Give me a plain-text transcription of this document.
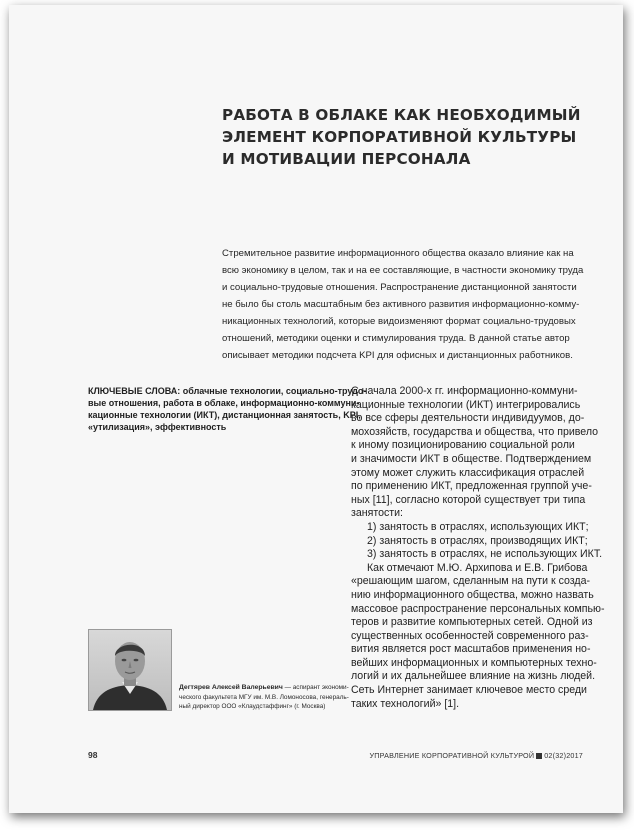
РАБОТА В ОБЛАКЕ КАК НЕОБХОДИМЫЙ
ЭЛЕМЕНТ КОРПОРАТИВНОЙ КУЛЬТУРЫ
И МОТИВАЦИИ ПЕРСОНАЛА
Стремительное развитие информационного общества оказало влияние как на
всю экономику в целом, так и на ее составляющие, в частности экономику труда
и социально-трудовые отношения. Распространение дистанционной занятости
не было бы столь масштабным без активного развития информационно-комму-
никационных технологий, которые видоизменяют формат социально-трудовых
отношений, методики оценки и стимулирования труда. В данной статье автор
описывает методики подсчета KPI для офисных и дистанционных работников.
КЛЮЧЕВЫЕ СЛОВА: облачные технологии, социально-трудо-
вые отношения, работа в облаке, информационно-коммуни-
кационные технологии (ИКТ), дистанционная занятость, KPI,
«утилизация», эффективность
С начала 2000-х гг. информационно-коммуни-
кационные технологии (ИКТ) интегрировались
во все сферы деятельности индивидуумов, до-
мохозяйств, государства и общества, что привело
к иному позиционированию социальной роли
и значимости ИКТ в обществе. Подтверждением
этому может служить классификация отраслей
по применению ИКТ, предложенная группой уче-
ных [11], согласно которой существует три типа
занятости:
1) занятость в отраслях, использующих ИКТ;
2) занятость в отраслях, производящих ИКТ;
3) занятость в отраслях, не использующих ИКТ.
Как отмечают М.Ю. Архипова и Е.В. Грибова
«решающим шагом, сделанным на пути к созда-
нию информационного общества, можно назвать
массовое распространение персональных компью-
теров и развитие компьютерных сетей. Одной из
существенных особенностей современного раз-
вития является рост масштабов применения но-
вейших информационных и компьютерных техно-
логий и их дальнейшее влияние на жизнь людей.
Сеть Интернет занимает ключевое место среди
таких технологий» [1].
Дегтярев Алексей Валерьевич — аспирант экономи-
ческого факультета МГУ им. М.В. Ломоносова, генераль-
ный директор ООО «Клаудстаффинг» (г. Москва)
98	УПРАВЛЕНИЕ КОРПОРАТИВНОЙ КУЛЬТУРОЙ 02(32)2017
